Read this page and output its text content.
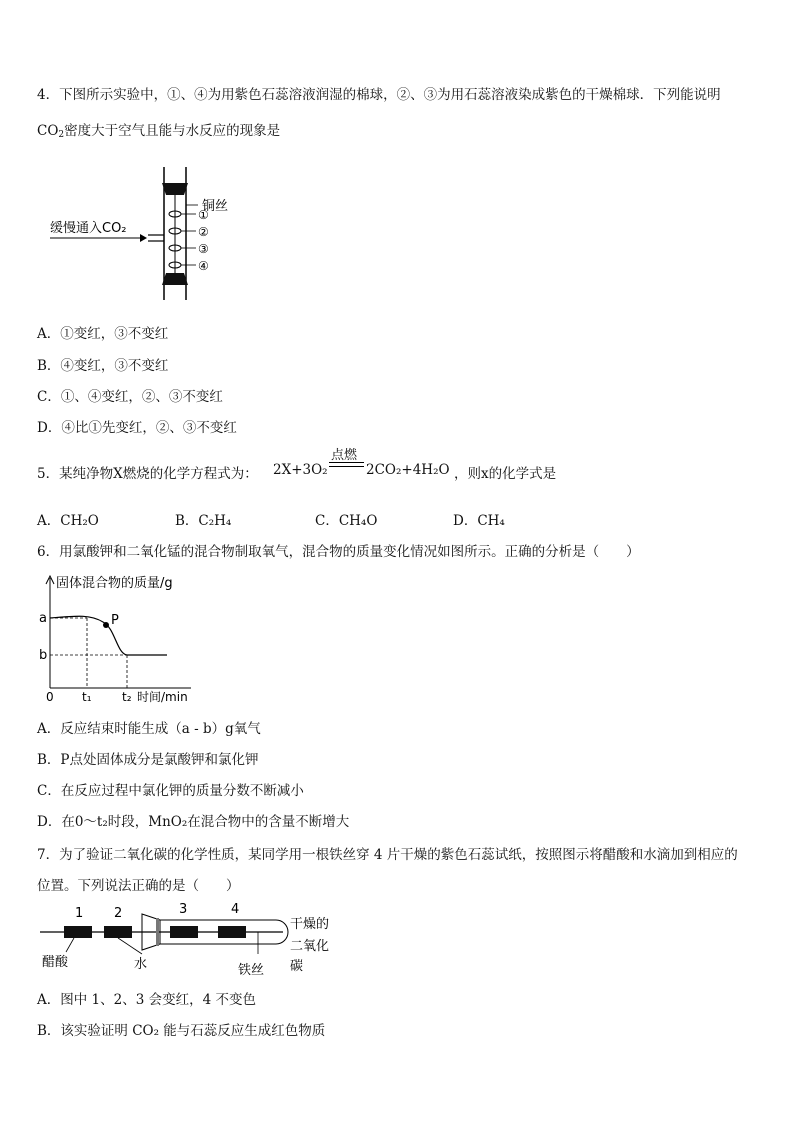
4．下图所示实验中，①、④为用紫色石蕊溶液润湿的棉球，②、③为用石蕊溶液染成紫色的干燥棉球．下列能说明
$CO_2$密度大于空气且能与水反应的现象是
缓慢通入CO₂
铜丝
①
②
③
④
A．①变红，③不变红
B．④变红，③不变红
C．①、④变红，②、③不变红
D．④比①先变红，②、③不变红
5．某纯净物X燃烧的化学方程式为： 2X+3O₂
点燃
2CO₂+4H₂O ，则x的化学式是
A．CH₂O	B．C₂H₄	C．CH₄O	D．CH₄
6．用氯酸钾和二氧化锰的混合物制取氧气，混合物的质量变化情况如图所示。正确的分析是（　　）
P
固体混合物的质量/g
a
b
0 t₁	t₂ 时间/min
A．反应结束时能生成（a - b）g氧气
B．P点处固体成分是氯酸钾和氯化钾
C．在反应过程中氯化钾的质量分数不断减小
D．在0～t₂时段，MnO₂在混合物中的含量不断增大
7．为了验证二氧化碳的化学性质，某同学用一根铁丝穿 4 片干燥的紫色石蕊试纸，按照图示将醋酸和水滴加到相应的
位置。下列说法正确的是（　　）
1 2	3	4
醋酸	水	铁丝
干燥的
二氧化
碳
A．图中 1、2、3 会变红，4 不变色
B．该实验证明 CO₂ 能与石蕊反应生成红色物质
